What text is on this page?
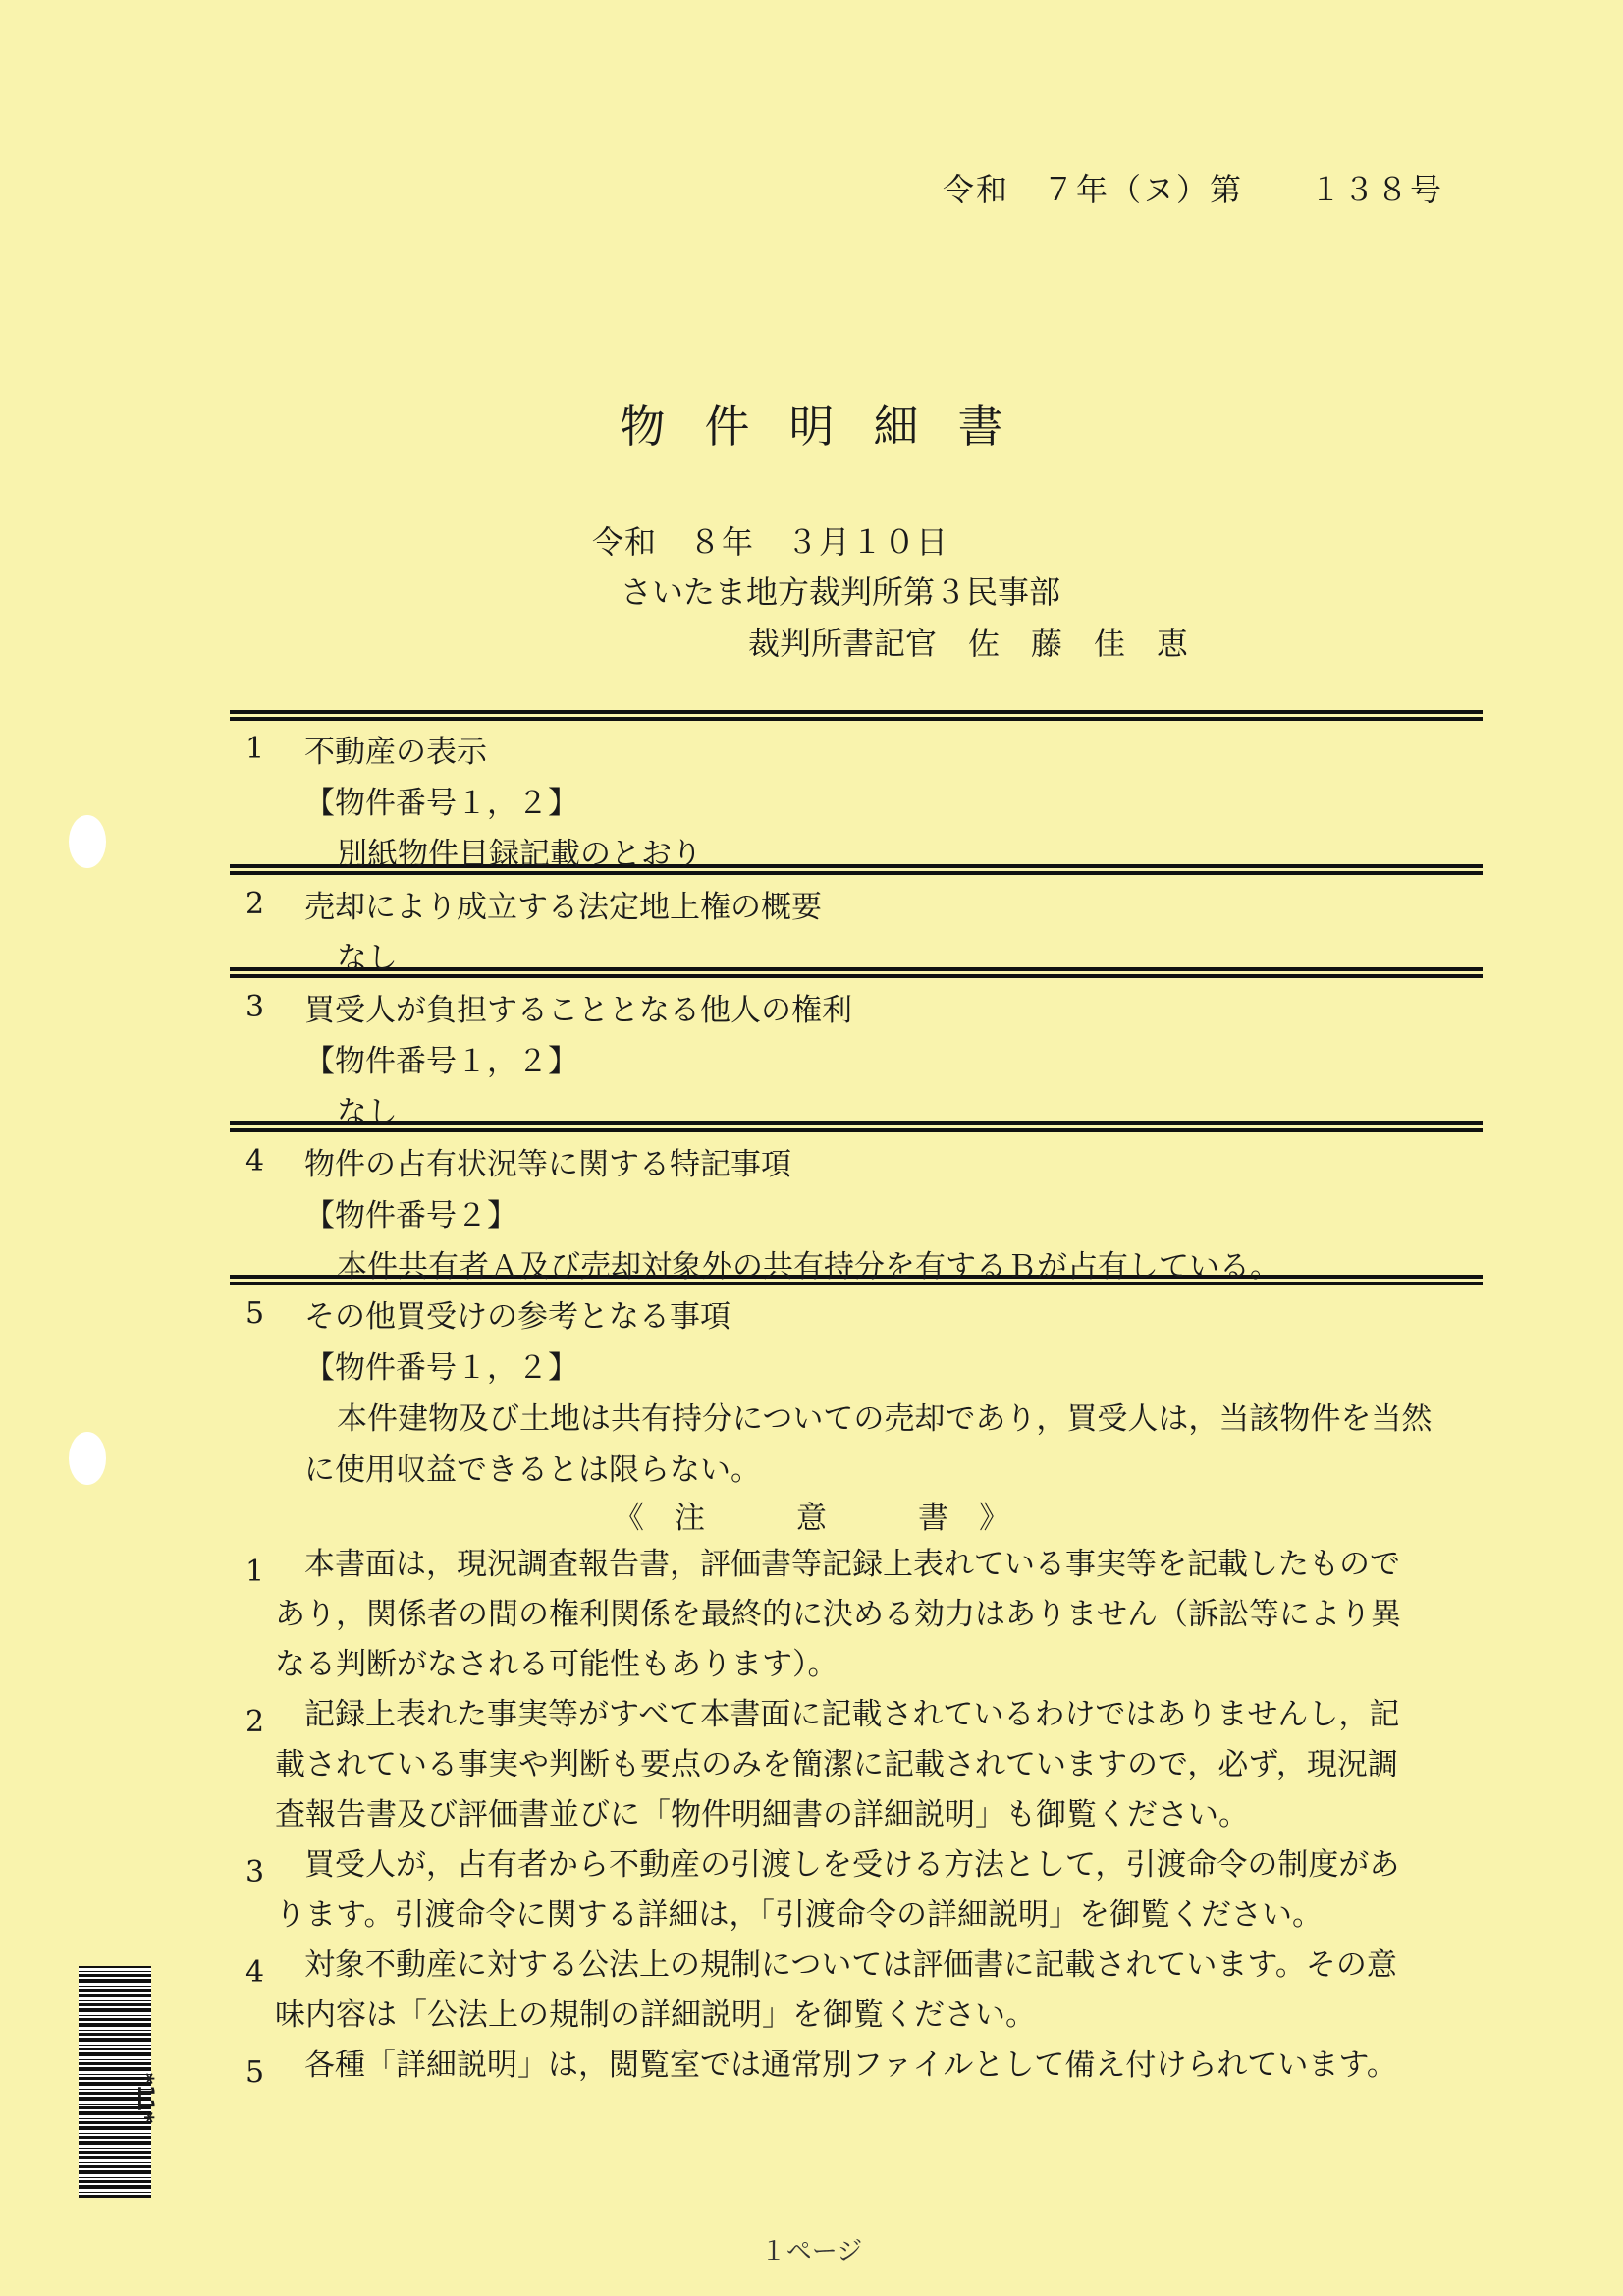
令和　７年（ヌ）第　　１３８号
物件明細書
令和　８年　３月１０日
さいたま地方裁判所第３民事部
裁判所書記官　佐　藤　佳　恵
1 不動産の表示
【物件番号１，２】
別紙物件目録記載のとおり
2 売却により成立する法定地上権の概要
なし
3 買受人が負担することとなる他人の権利
【物件番号１，２】
なし
4 物件の占有状況等に関する特記事項
【物件番号２】
本件共有者Ａ及び売却対象外の共有持分を有するＢが占有している。
5 その他買受けの参考となる事項
【物件番号１，２】
本件建物及び土地は共有持分についての売却であり，買受人は，当該物件を当然
に使用収益できるとは限らない。
《　注　　　意　　　書　》
1 本書面は，現況調査報告書，評価書等記録上表れている事実等を記載したもので
あり，関係者の間の権利関係を最終的に決める効力はありません（訴訟等により異
なる判断がなされる可能性もあります）。
2 記録上表れた事実等がすべて本書面に記載されているわけではありませんし，記
載されている事実や判断も要点のみを簡潔に記載されていますので，必ず，現況調
査報告書及び評価書並びに「物件明細書の詳細説明」も御覧ください。
3 買受人が，占有者から不動産の引渡しを受ける方法として，引渡命令の制度があ
ります。引渡命令に関する詳細は，「引渡命令の詳細説明」を御覧ください。
4 対象不動産に対する公法上の規制については評価書に記載されています。その意
味内容は「公法上の規制の詳細説明」を御覧ください。
5 各種「詳細説明」は，閲覧室では通常別ファイルとして備え付けられています。
*11*
１ページ
